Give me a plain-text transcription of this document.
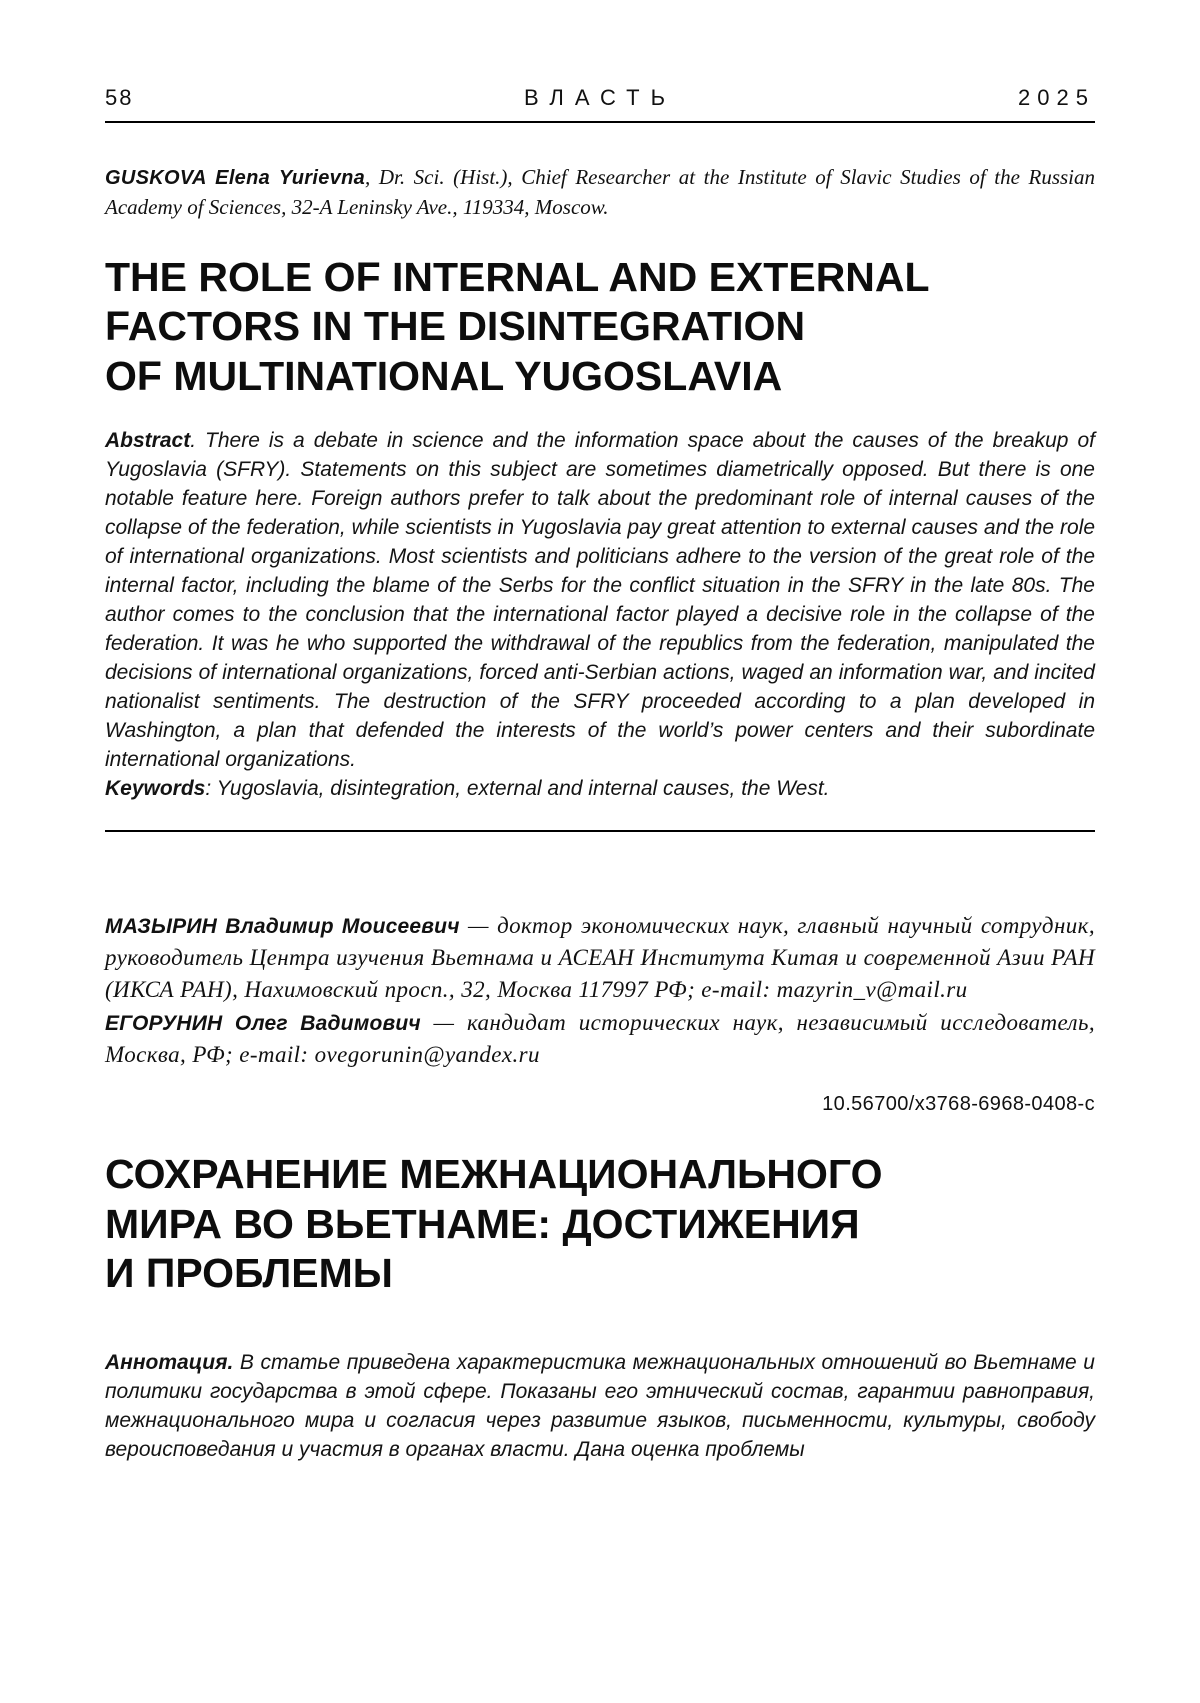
58	ВЛАСТЬ	2025

GUSKOVA Elena Yurievna, Dr. Sci. (Hist.), Chief Researcher at the Institute of Slavic Studies of the Russian Academy of Sciences, 32-A Leninsky Ave., 119334, Moscow.

THE ROLE OF INTERNAL AND EXTERNAL
FACTORS IN THE DISINTEGRATION
OF MULTINATIONAL YUGOSLAVIA

Abstract. There is a debate in science and the information space about the causes of the breakup of Yugoslavia (SFRY). Statements on this subject are sometimes diametrically opposed. But there is one notable feature here. Foreign authors prefer to talk about the predominant role of internal causes of the collapse of the federation, while scientists in Yugoslavia pay great attention to external causes and the role of international organizations. Most scientists and politicians adhere to the version of the great role of the internal factor, including the blame of the Serbs for the conflict situation in the SFRY in the late 80s. The author comes to the conclusion that the international factor played a decisive role in the collapse of the federation. It was he who supported the withdrawal of the republics from the federation, manipulated the decisions of international organizations, forced anti-Serbian actions, waged an information war, and incited nationalist sentiments. The destruction of the SFRY proceeded according to a plan developed in Washington, a plan that defended the interests of the world’s power centers and their subordinate international organizations.

Keywords: Yugoslavia, disintegration, external and internal causes, the West.

МАЗЫРИН Владимир Моисеевич — доктор экономических наук, главный научный сотрудник, руководитель Центра изучения Вьетнама и АСЕАН Института Китая и современной Азии РАН (ИКСА РАН), Нахимовский просп., 32, Москва 117997 РФ; e-mail: mazyrin_v@mail.ru

ЕГОРУНИН Олег Вадимович — кандидат исторических наук, независимый исследователь, Москва, РФ; e-mail: ovegorunin@yandex.ru

10.56700/x3768-6968-0408-c

СОХРАНЕНИЕ МЕЖНАЦИОНАЛЬНОГО
МИРА ВО ВЬЕТНАМЕ: ДОСТИЖЕНИЯ
И ПРОБЛЕМЫ

Аннотация. В статье приведена характеристика межнациональных отношений во Вьетнаме и политики государства в этой сфере. Показаны его этнический состав, гарантии равноправия, межнационального мира и согласия через развитие языков, письменности, культуры, свободу вероисповедания и участия в органах власти. Дана оценка проблемы
